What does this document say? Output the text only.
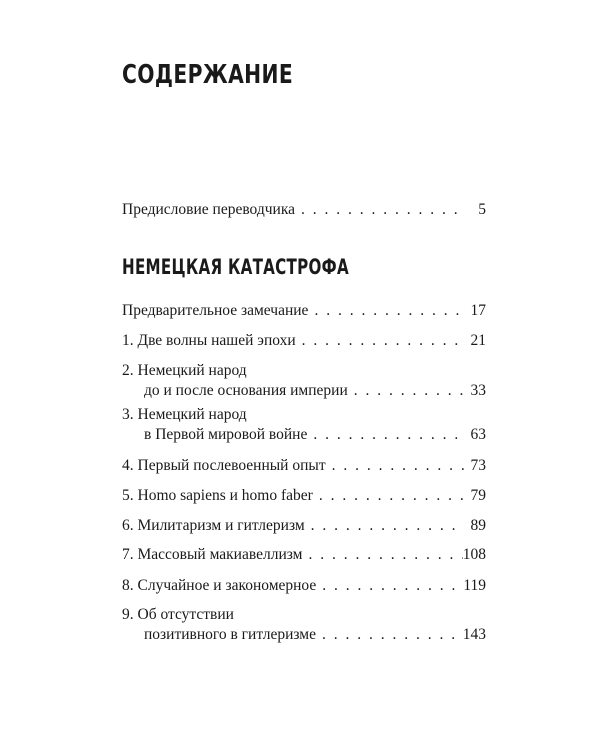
СОДЕРЖАНИЕ
Предисловие переводчика . . .	5
НЕМЕЦКАЯ КАТАСТРОФА
Предварительное замечание . . .	17
1. Две волны нашей эпохи . . .	21
2. Немецкий народ
до и после основания империи . . .	33
3. Немецкий народ
в Первой мировой войне . . .	63
4. Первый послевоенный опыт . . .	73
5. Homo sapiens и homo faber . . .	79
6. Милитаризм и гитлеризм . . .	89
7. Массовый макиавеллизм . . .	108
8. Случайное и закономерное . . .	119
9. Об отсутствии
позитивного в гитлеризме . . .	143
